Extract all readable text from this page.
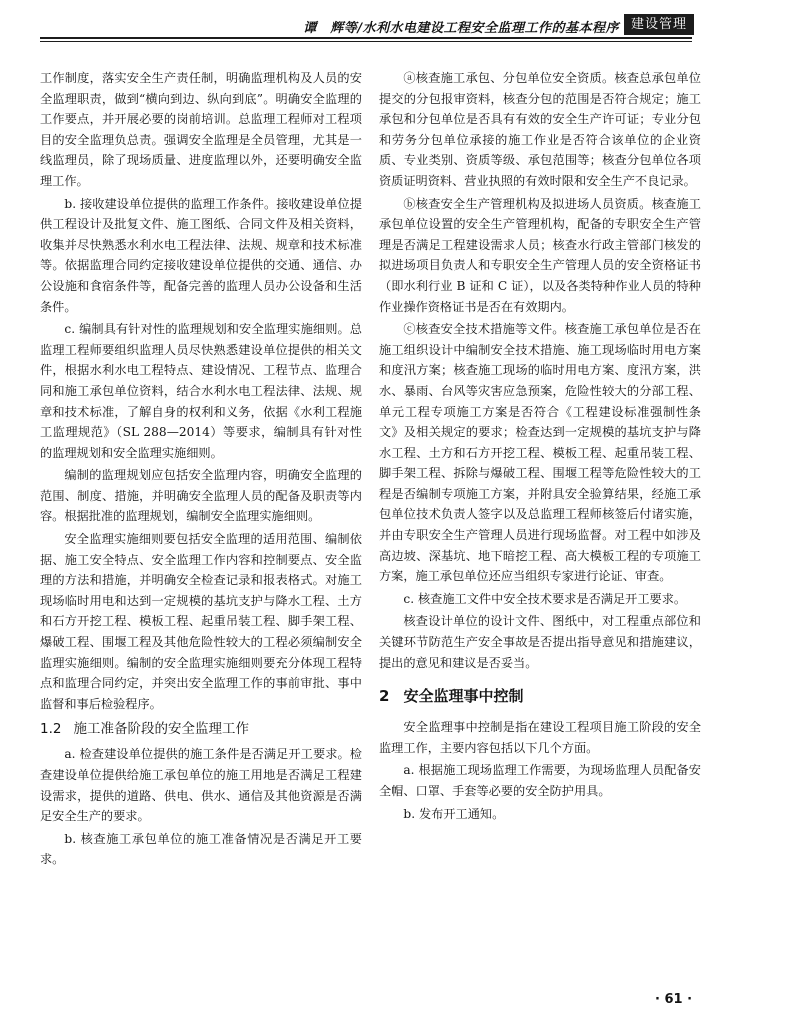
谭　辉等/水利水电建设工程安全监理工作的基本程序 建设管理

工作制度，落实安全生产责任制，明确监理机构及人员的安全监理职责，做到“横向到边、纵向到底”。明确安全监理的工作要点，并开展必要的岗前培训。总监理工程师对工程项目的安全监理负总责。强调安全监理是全员管理，尤其是一线监理员，除了现场质量、进度监理以外，还要明确安全监理工作。

b. 接收建设单位提供的监理工作条件。接收建设单位提供工程设计及批复文件、施工图纸、合同文件及相关资料，收集并尽快熟悉水利水电工程法律、法规、规章和技术标准等。依据监理合同约定接收建设单位提供的交通、通信、办公设施和食宿条件等，配备完善的监理人员办公设备和生活条件。

c. 编制具有针对性的监理规划和安全监理实施细则。总监理工程师要组织监理人员尽快熟悉建设单位提供的相关文件，根据水利水电工程特点、建设情况、工程节点、监理合同和施工承包单位资料，结合水利水电工程法律、法规、规章和技术标准，了解自身的权利和义务，依据《水利工程施工监理规范》（SL 288—2014）等要求，编制具有针对性的监理规划和安全监理实施细则。

编制的监理规划应包括安全监理内容，明确安全监理的范围、制度、措施，并明确安全监理人员的配备及职责等内容。根据批准的监理规划，编制安全监理实施细则。

安全监理实施细则要包括安全监理的适用范围、编制依据、施工安全特点、安全监理工作内容和控制要点、安全监理的方法和措施，并明确安全检查记录和报表格式。对施工现场临时用电和达到一定规模的基坑支护与降水工程、土方和石方开挖工程、模板工程、起重吊装工程、脚手架工程、爆破工程、围堰工程及其他危险性较大的工程必须编制安全监理实施细则。编制的安全监理实施细则要充分体现工程特点和监理合同约定，并突出安全监理工作的事前审批、事中监督和事后检验程序。

1.2 施工准备阶段的安全监理工作

a. 检查建设单位提供的施工条件是否满足开工要求。检查建设单位提供给施工承包单位的施工用地是否满足工程建设需求，提供的道路、供电、供水、通信及其他资源是否满足安全生产的要求。

b. 核查施工承包单位的施工准备情况是否满足开工要求。

ⓐ核查施工承包、分包单位安全资质。核查总承包单位提交的分包报审资料，核查分包的范围是否符合规定；施工承包和分包单位是否具有有效的安全生产许可证；专业分包和劳务分包单位承接的施工作业是否符合该单位的企业资质、专业类别、资质等级、承包范围等；核查分包单位各项资质证明资料、营业执照的有效时限和安全生产不良记录。

ⓑ核查安全生产管理机构及拟进场人员资质。核查施工承包单位设置的安全生产管理机构，配备的专职安全生产管理是否满足工程建设需求人员；核查水行政主管部门核发的拟进场项目负责人和专职安全生产管理人员的安全资格证书（即水利行业 B 证和 C 证），以及各类特种作业人员的特种作业操作资格证书是否在有效期内。

ⓒ核查安全技术措施等文件。核查施工承包单位是否在施工组织设计中编制安全技术措施、施工现场临时用电方案和度汛方案；核查施工现场的临时用电方案、度汛方案，洪水、暴雨、台风等灾害应急预案，危险性较大的分部工程、单元工程专项施工方案是否符合《工程建设标准强制性条文》及相关规定的要求；检查达到一定规模的基坑支护与降水工程、土方和石方开挖工程、模板工程、起重吊装工程、脚手架工程、拆除与爆破工程、围堰工程等危险性较大的工程是否编制专项施工方案，并附具安全验算结果，经施工承包单位技术负责人签字以及总监理工程师核签后付诸实施，并由专职安全生产管理人员进行现场监督。对工程中如涉及高边坡、深基坑、地下暗挖工程、高大模板工程的专项施工方案，施工承包单位还应当组织专家进行论证、审查。

c. 核查施工文件中安全技术要求是否满足开工要求。

核查设计单位的设计文件、图纸中，对工程重点部位和关键环节防范生产安全事故是否提出指导意见和措施建议，提出的意见和建议是否妥当。

2 安全监理事中控制

安全监理事中控制是指在建设工程项目施工阶段的安全监理工作，主要内容包括以下几个方面。

a. 根据施工现场监理工作需要，为现场监理人员配备安全帽、口罩、手套等必要的安全防护用具。

b. 发布开工通知。

· 61 ·
